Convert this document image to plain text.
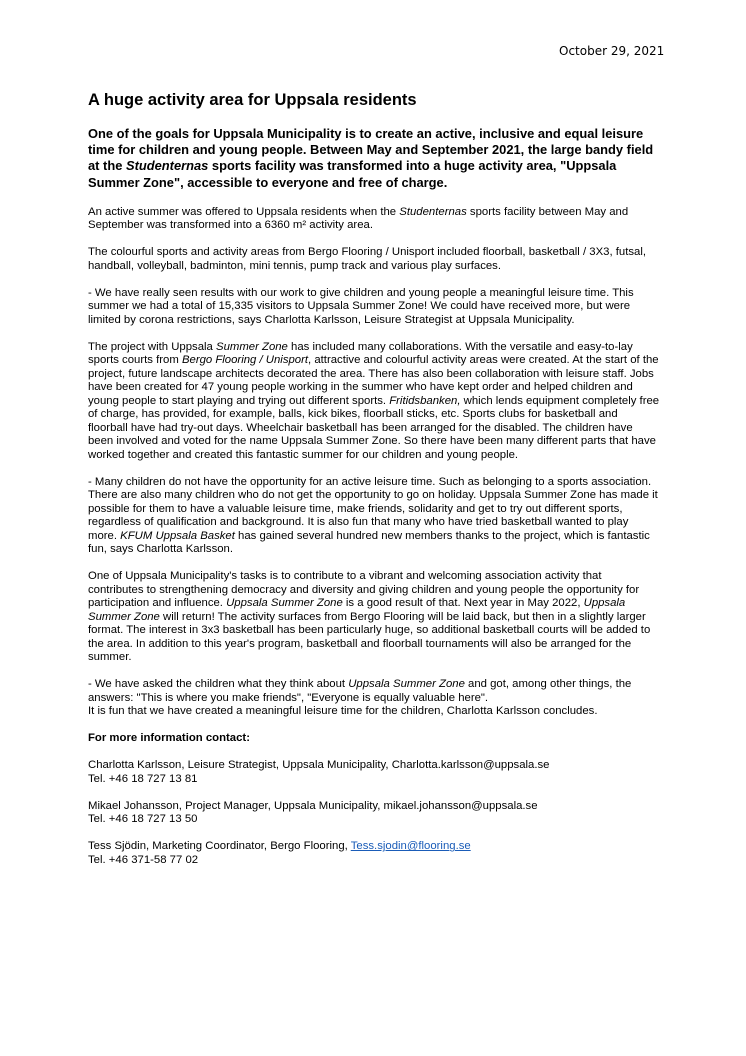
October 29, 2021
A huge activity area for Uppsala residents

One of the goals for Uppsala Municipality is to create an active, inclusive and equal leisure time for children and young people. Between May and September 2021, the large bandy field at the Studenternas sports facility was transformed into a huge activity area, "Uppsala Summer Zone", accessible to everyone and free of charge.

An active summer was offered to Uppsala residents when the Studenternas sports facility between May and September was transformed into a 6360 m² activity area.

The colourful sports and activity areas from Bergo Flooring / Unisport included floorball, basketball / 3X3, futsal, handball, volleyball, badminton, mini tennis, pump track and various play surfaces.

- We have really seen results with our work to give children and young people a meaningful leisure time. This summer we had a total of 15,335 visitors to Uppsala Summer Zone! We could have received more, but were limited by corona restrictions, says Charlotta Karlsson, Leisure Strategist at Uppsala Municipality.

The project with Uppsala Summer Zone has included many collaborations. With the versatile and easy-to-lay sports courts from Bergo Flooring / Unisport, attractive and colourful activity areas were created. At the start of the project, future landscape architects decorated the area. There has also been collaboration with leisure staff. Jobs have been created for 47 young people working in the summer who have kept order and helped children and young people to start playing and trying out different sports. Fritidsbanken, which lends equipment completely free of charge, has provided, for example, balls, kick bikes, floorball sticks, etc. Sports clubs for basketball and floorball have had try-out days. Wheelchair basketball has been arranged for the disabled. The children have been involved and voted for the name Uppsala Summer Zone. So there have been many different parts that have worked together and created this fantastic summer for our children and young people.

- Many children do not have the opportunity for an active leisure time. Such as belonging to a sports association. There are also many children who do not get the opportunity to go on holiday. Uppsala Summer Zone has made it possible for them to have a valuable leisure time, make friends, solidarity and get to try out different sports, regardless of qualification and background. It is also fun that many who have tried basketball wanted to play more. KFUM Uppsala Basket has gained several hundred new members thanks to the project, which is fantastic fun, says Charlotta Karlsson.

One of Uppsala Municipality's tasks is to contribute to a vibrant and welcoming association activity that contributes to strengthening democracy and diversity and giving children and young people the opportunity for participation and influence. Uppsala Summer Zone is a good result of that. Next year in May 2022, Uppsala Summer Zone will return! The activity surfaces from Bergo Flooring will be laid back, but then in a slightly larger format. The interest in 3x3 basketball has been particularly huge, so additional basketball courts will be added to the area. In addition to this year's program, basketball and floorball tournaments will also be arranged for the summer.

- We have asked the children what they think about Uppsala Summer Zone and got, among other things, the answers: "This is where you make friends", "Everyone is equally valuable here".

It is fun that we have created a meaningful leisure time for the children, Charlotta Karlsson concludes.

For more information contact:

Charlotta Karlsson, Leisure Strategist, Uppsala Municipality, Charlotta.karlsson@uppsala.se
Tel. +46 18 727 13 81
Mikael Johansson, Project Manager, Uppsala Municipality, mikael.johansson@uppsala.se
Tel. +46 18 727 13 50
Tess Sjödin, Marketing Coordinator, Bergo Flooring, Tess.sjodin@flooring.se
Tel. +46 371-58 77 02
